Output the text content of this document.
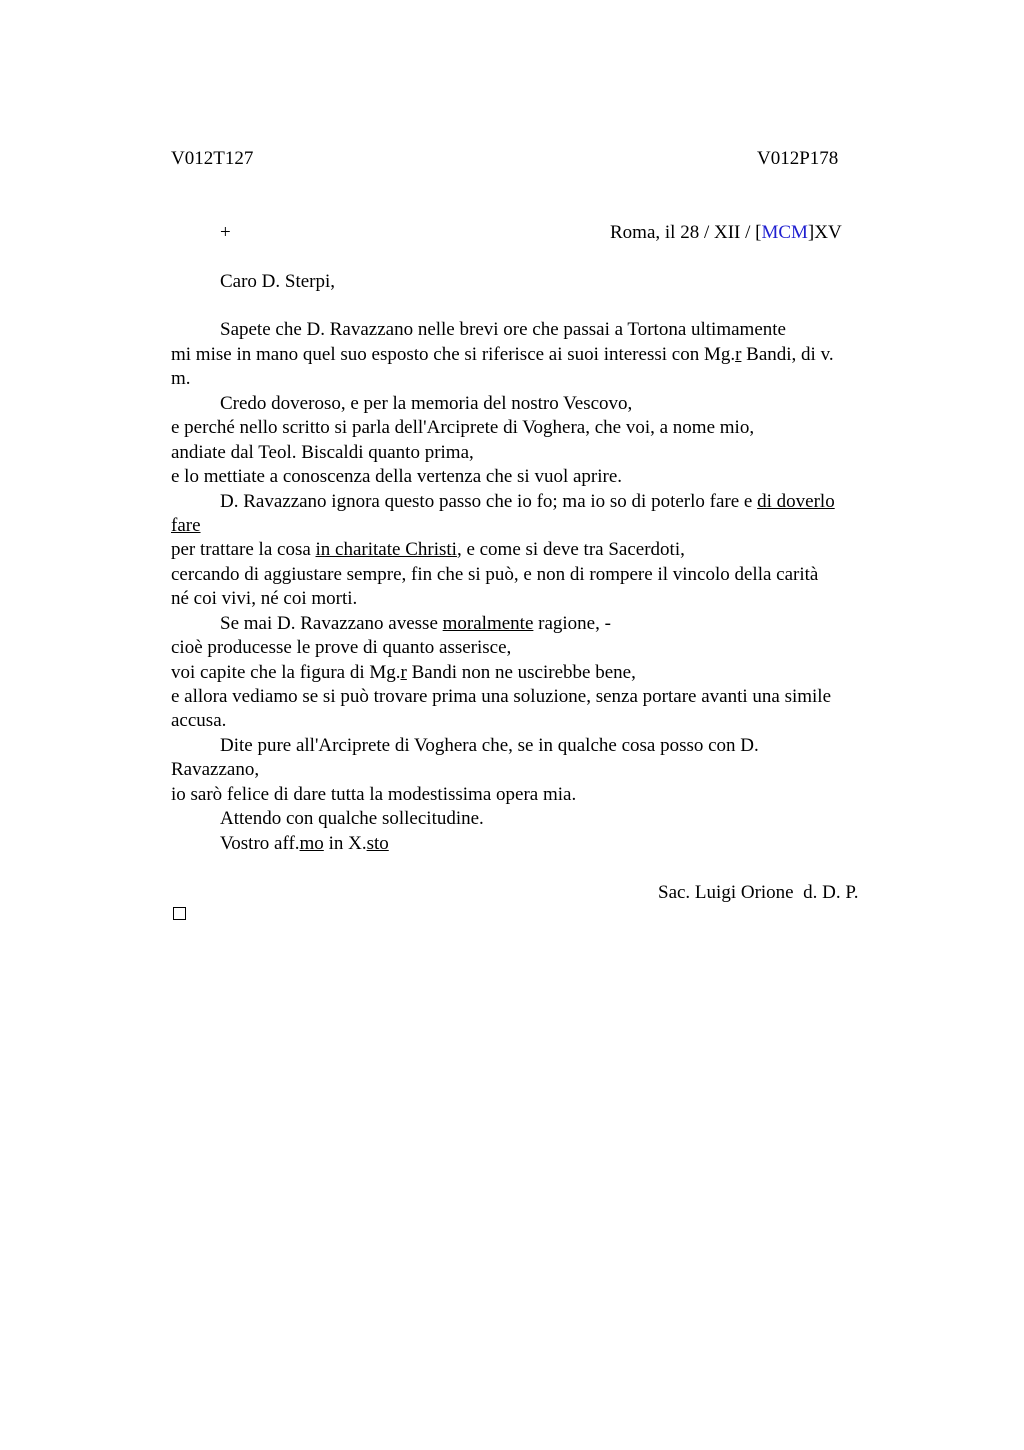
V012T127	V012P178
+	Roma, il 28 / XII / [MCM]XV
Caro D. Sterpi,
Sapete che D. Ravazzano nelle brevi ore che passai a Tortona ultimamente
mi mise in mano quel suo esposto che si riferisce ai suoi interessi con Mg.r Bandi, di v.
m.
Credo doveroso, e per la memoria del nostro Vescovo,
e perché nello scritto si parla dell'Arciprete di Voghera, che voi, a nome mio,
andiate dal Teol. Biscaldi quanto prima,
e lo mettiate a conoscenza della vertenza che si vuol aprire.
D. Ravazzano ignora questo passo che io fo; ma io so di poterlo fare e di doverlo
fare
per trattare la cosa in charitate Christi, e come si deve tra Sacerdoti,
cercando di aggiustare sempre, fin che si può, e non di rompere il vincolo della carità
né coi vivi, né coi morti.
Se mai D. Ravazzano avesse moralmente ragione, -
cioè producesse le prove di quanto asserisce,
voi capite che la figura di Mg.r Bandi non ne uscirebbe bene,
e allora vediamo se si può trovare prima una soluzione, senza portare avanti una simile
accusa.
Dite pure all'Arciprete di Voghera che, se in qualche cosa posso con D.
Ravazzano,
io sarò felice di dare tutta la modestissima opera mia.
Attendo con qualche sollecitudine.
Vostro aff.mo in X.sto
Sac. Luigi Orione  d. D. P.
